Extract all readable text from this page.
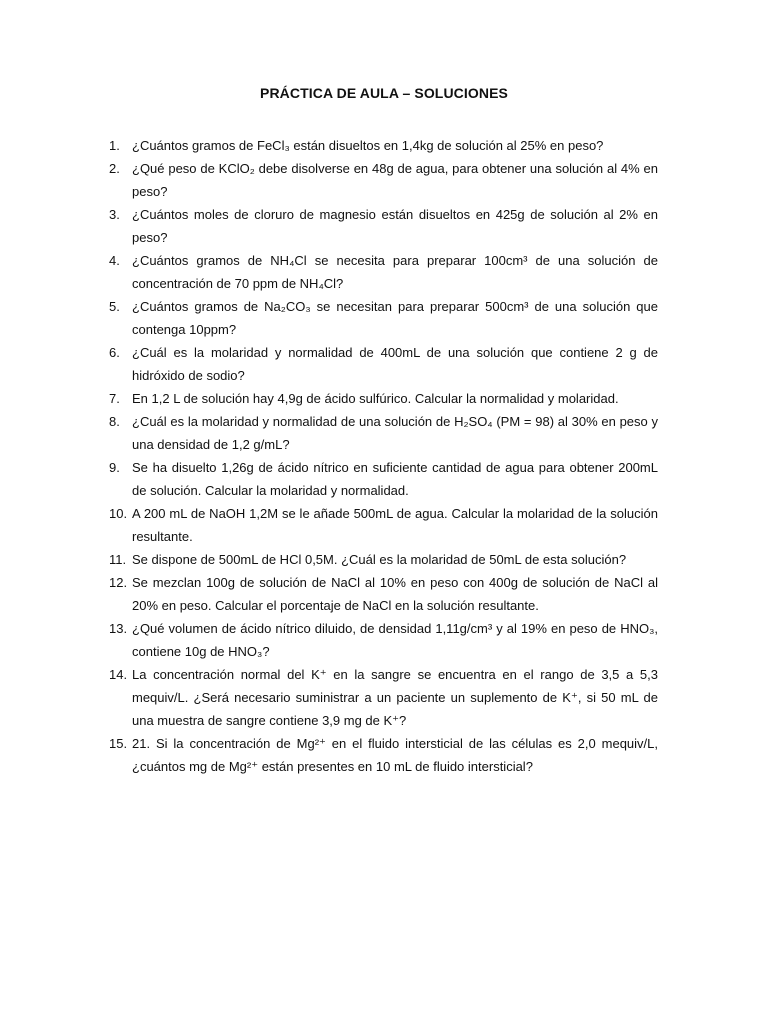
PRÁCTICA DE AULA – SOLUCIONES
1. ¿Cuántos gramos de FeCl₃ están disueltos en 1,4kg de solución al 25% en peso?
2. ¿Qué peso de KClO₂ debe disolverse en 48g de agua, para obtener una solución al 4% en peso?
3. ¿Cuántos moles de cloruro de magnesio están disueltos en 425g de solución al 2% en peso?
4. ¿Cuántos gramos de NH₄Cl se necesita para preparar 100cm³ de una solución de concentración de 70 ppm de NH₄Cl?
5. ¿Cuántos gramos de Na₂CO₃ se necesitan para preparar 500cm³ de una solución que contenga 10ppm?
6. ¿Cuál es la molaridad y normalidad de 400mL de una solución que contiene 2 g de hidróxido de sodio?
7. En 1,2 L de solución hay 4,9g de ácido sulfúrico. Calcular la normalidad y molaridad.
8. ¿Cuál es la molaridad y normalidad de una solución de H₂SO₄ (PM = 98) al 30% en peso y una densidad de 1,2 g/mL?
9. Se ha disuelto 1,26g de ácido nítrico en suficiente cantidad de agua para obtener 200mL de solución. Calcular la molaridad y normalidad.
10. A 200 mL de NaOH 1,2M se le añade 500mL de agua. Calcular la molaridad de la solución resultante.
11. Se dispone de 500mL de HCl 0,5M. ¿Cuál es la molaridad de 50mL de esta solución?
12. Se mezclan 100g de solución de NaCl al 10% en peso con 400g de solución de NaCl al 20% en peso. Calcular el porcentaje de NaCl en la solución resultante.
13. ¿Qué volumen de ácido nítrico diluido, de densidad 1,11g/cm³ y al 19% en peso de HNO₃, contiene 10g de HNO₃?
14. La concentración normal del K⁺ en la sangre se encuentra en el rango de 3,5 a 5,3 mequiv/L. ¿Será necesario suministrar a un paciente un suplemento de K⁺, si 50 mL de una muestra de sangre contiene 3,9 mg de K⁺?
15. 21. Si la concentración de Mg²⁺ en el fluido intersticial de las células es 2,0 mequiv/L, ¿cuántos mg de Mg²⁺ están presentes en 10 mL de fluido intersticial?
